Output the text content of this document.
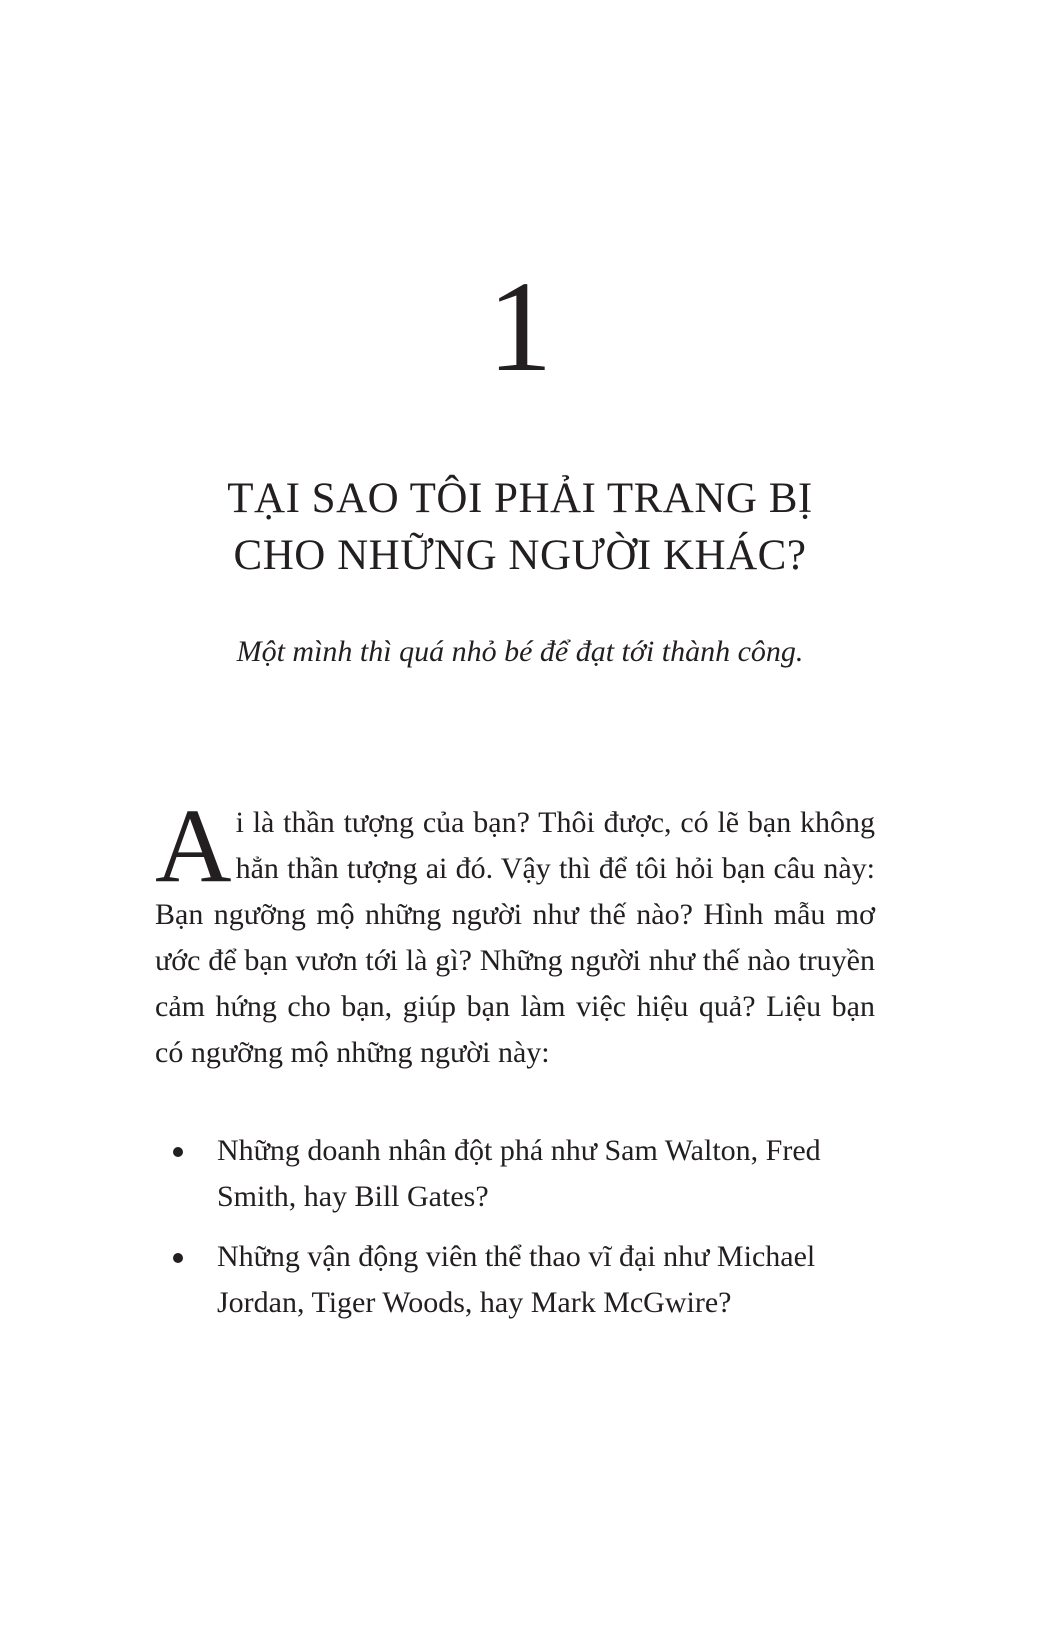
1
TẠI SAO TÔI PHẢI TRANG BỊ
CHO NHỮNG NGƯỜI KHÁC?
Một mình thì quá nhỏ bé để đạt tới thành công.
Ai là thần tượng của bạn? Thôi được, có lẽ bạn không hẳn thần tượng ai đó. Vậy thì để tôi hỏi bạn câu này: Bạn ngưỡng mộ những người như thế nào? Hình mẫu mơ ước để bạn vươn tới là gì? Những người như thế nào truyền cảm hứng cho bạn, giúp bạn làm việc hiệu quả? Liệu bạn có ngưỡng mộ những người này:
Những doanh nhân đột phá như Sam Walton, Fred Smith, hay Bill Gates?
Những vận động viên thể thao vĩ đại như Michael Jordan, Tiger Woods, hay Mark McGwire?
